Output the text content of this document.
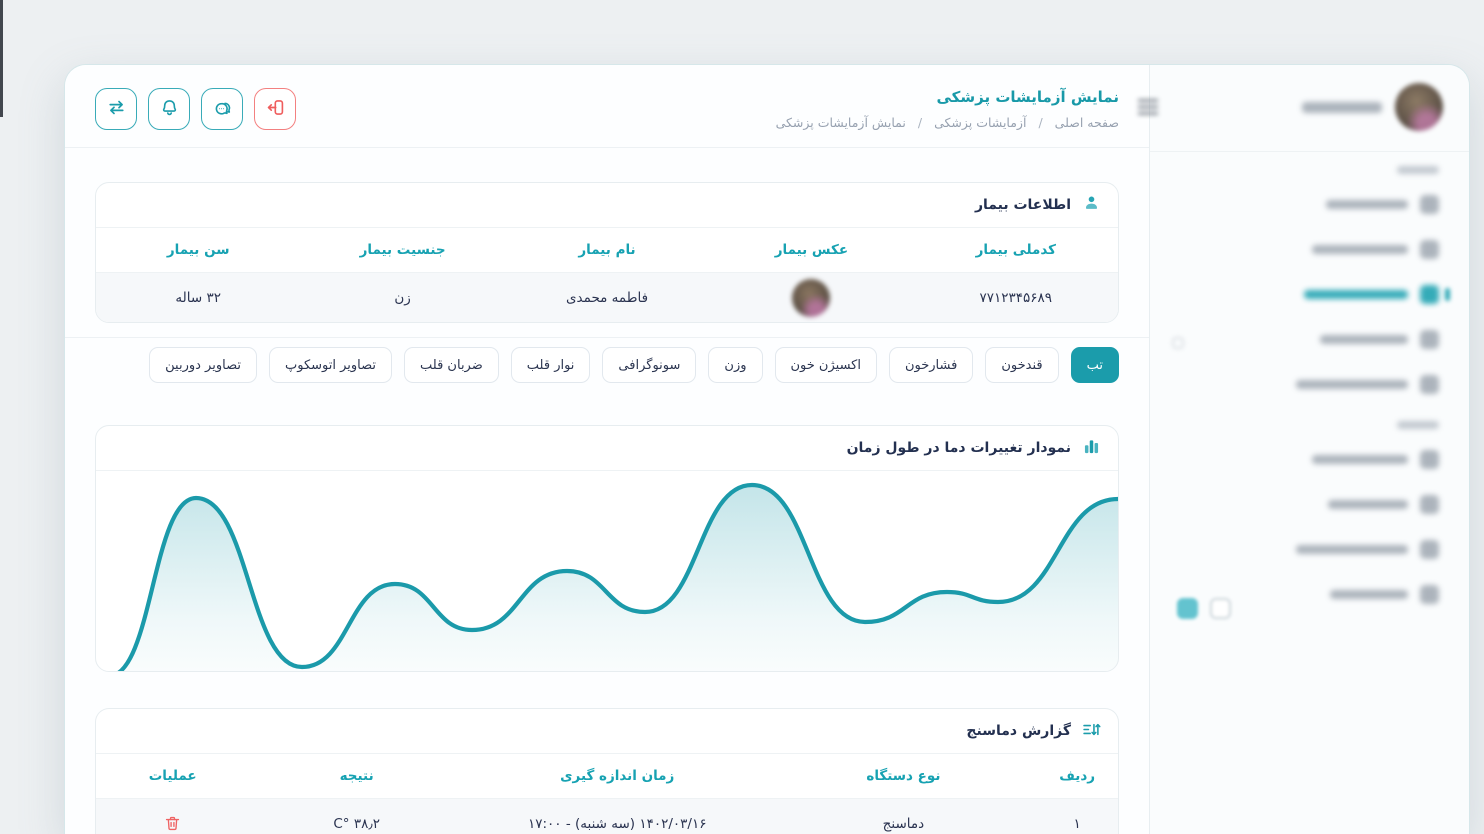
نمایش آزمایشات پزشکی
صفحه اصلی
/
آزمایشات پزشکی
/
نمایش آزمایشات پزشکی
اطلاعات بیمار
کدملی بیمار
عکس بیمار
نام بیمار
جنسیت بیمار
سن بیمار
۷۷۱۲۳۴۵۶۸۹
فاطمه محمدی
زن
۳۲ ساله
تب
قندخون
فشارخون
اکسیژن خون
وزن
سونوگرافی
نوار قلب
ضربان قلب
تصاویر اتوسکوپ
تصاویر دوربین
نمودار تغییرات دما در طول زمان
گزارش دماسنج
ردیف
نوع دستگاه
زمان اندازه گیری
نتیجه
عملیات
۱
دماسنج
۱۴۰۲/۰۳/۱۶ (سه شنبه) - ۱۷:۰۰
۳۸٫۲ °C
